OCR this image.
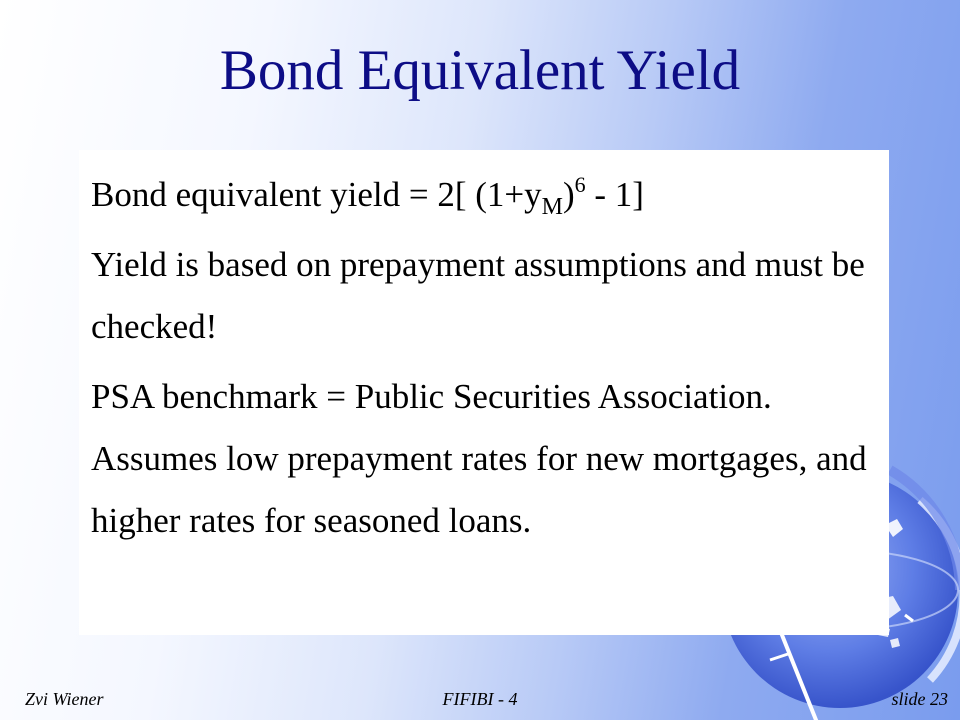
Bond Equivalent Yield

Bond equivalent yield = 2[ $(1+y_M)^6 - 1$]

Yield is based on prepayment assumptions and must be checked!

PSA benchmark = Public Securities Association. Assumes low prepayment rates for new mortgages, and higher rates for seasoned loans.

Zvi Wiener	FIFIBI - 4	slide 23
